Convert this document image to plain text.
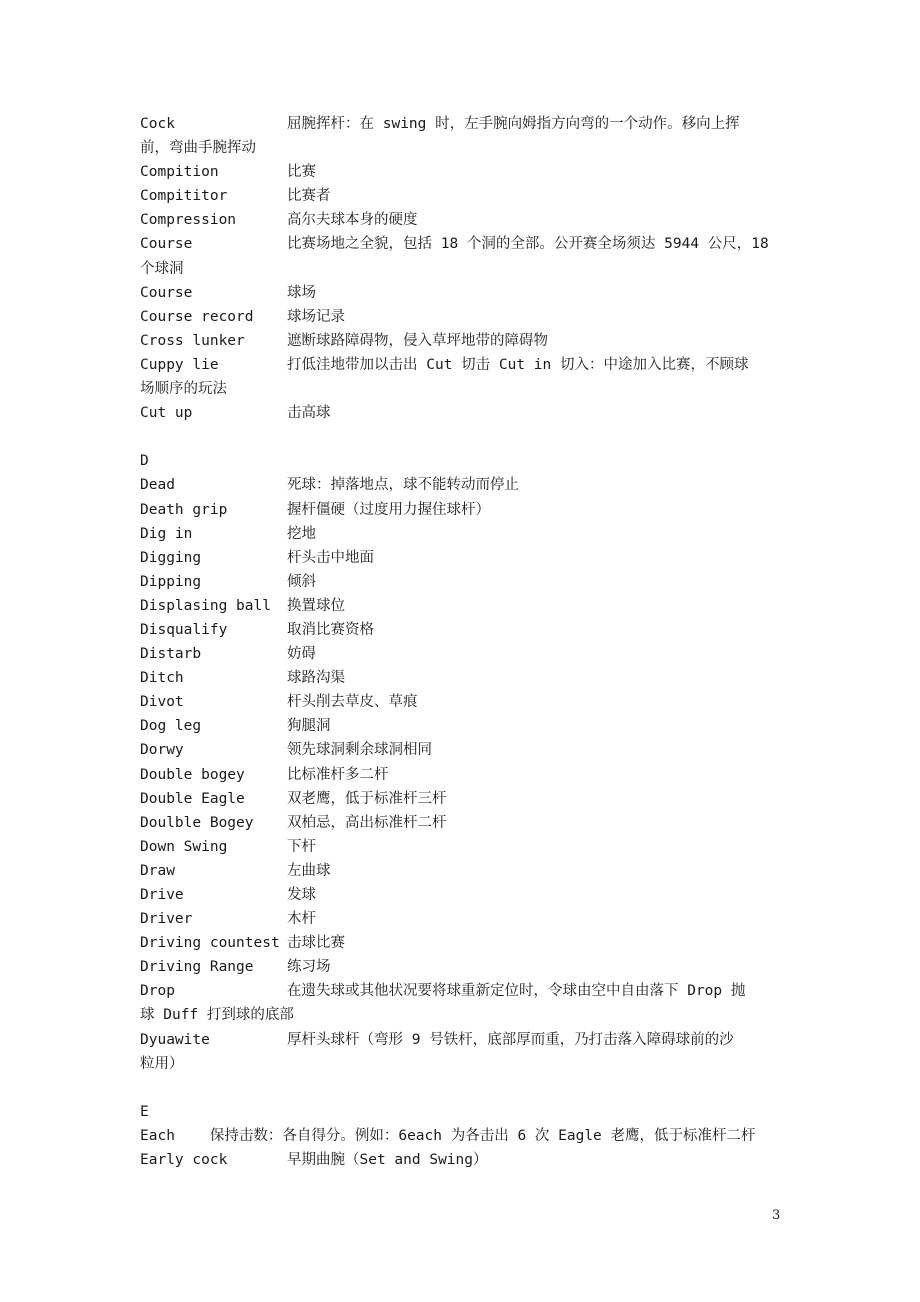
Cock	屈腕挥杆：在 swing 时，左手腕向姆指方向弯的一个动作。移向上挥
前，弯曲手腕挥动
Compition	比赛
Compititor	比赛者
Compression	高尔夫球本身的硬度
Course	比赛场地之全貌，包括 18 个洞的全部。公开赛全场须达 5944 公尺，18
个球洞
Course	球场
Course record 球场记录
Cross lunker	遮断球路障碍物，侵入草坪地带的障碍物
Cuppy lie	打低洼地带加以击出 Cut 切击 Cut in 切入：中途加入比赛，不顾球
场顺序的玩法
Cut up	击高球
D
Dead	死球：掉落地点，球不能转动而停止
Death grip	握杆僵硬（过度用力握住球杆）
Dig in	挖地
Digging	杆头击中地面
Dipping	倾斜
Displasing ball 换置球位
Disqualify	取消比赛资格
Distarb	妨碍
Ditch	球路沟渠
Divot	杆头削去草皮、草痕
Dog leg	狗腿洞
Dorwy	领先球洞剩余球洞相同
Double bogey	比标准杆多二杆
Double Eagle	双老鹰，低于标准杆三杆
Doulble Bogey 双柏忌，高出标准杆二杆
Down Swing	下杆
Draw	左曲球
Drive	发球
Driver	木杆
Driving countest 击球比赛
Driving Range 练习场
Drop	在遗失球或其他状况要将球重新定位时，令球由空中自由落下 Drop 抛
球 Duff 打到球的底部
Dyuawite	厚杆头球杆（弯形 9 号铁杆，底部厚而重，乃打击落入障碍球前的沙
粒用）
E
Each    保持击数：各自得分。例如：6each 为各击出 6 次 Eagle 老鹰，低于标准杆二杆
Early cock	早期曲腕（Set and Swing）
3
